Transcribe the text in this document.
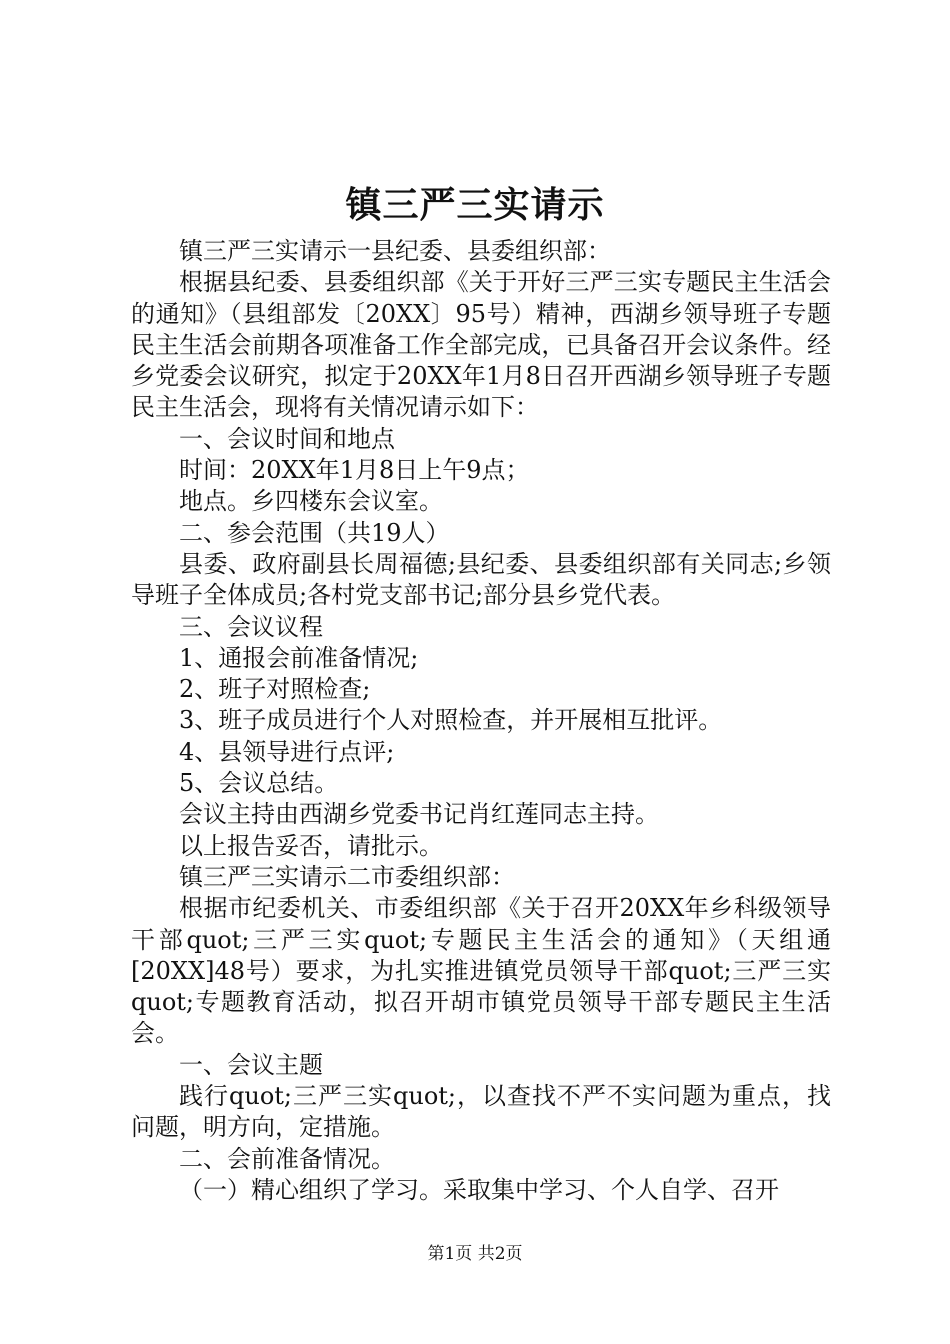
镇三严三实请示

镇三严三实请示一县纪委、县委组织部：

根据县纪委、县委组织部《关于开好三严三实专题民主生活会的通知》（县组部发〔20XX〕95号）精神，西湖乡领导班子专题民主生活会前期各项准备工作全部完成，已具备召开会议条件。经乡党委会议研究，拟定于20XX年1月8日召开西湖乡领导班子专题民主生活会，现将有关情况请示如下：

一、会议时间和地点

时间：20XX年1月8日上午9点；

地点。乡四楼东会议室。

二、参会范围（共19人）

县委、政府副县长周福德;县纪委、县委组织部有关同志;乡领导班子全体成员;各村党支部书记;部分县乡党代表。

三、会议议程

1、通报会前准备情况;

2、班子对照检查;

3、班子成员进行个人对照检查，并开展相互批评。

4、县领导进行点评;

5、会议总结。

会议主持由西湖乡党委书记肖红莲同志主持。

以上报告妥否，请批示。

镇三严三实请示二市委组织部：

根据市纪委机关、市委组织部《关于召开20XX年乡科级领导干部quot;三严三实quot;专题民主生活会的通知》（天组通[20XX]48号）要求，为扎实推进镇党员领导干部quot;三严三实quot;专题教育活动，拟召开胡市镇党员领导干部专题民主生活会。

一、会议主题

践行quot;三严三实quot;，以查找不严不实问题为重点，找问题，明方向，定措施。

二、会前准备情况。

（一）精心组织了学习。采取集中学习、个人自学、召开

第1页 共2页
